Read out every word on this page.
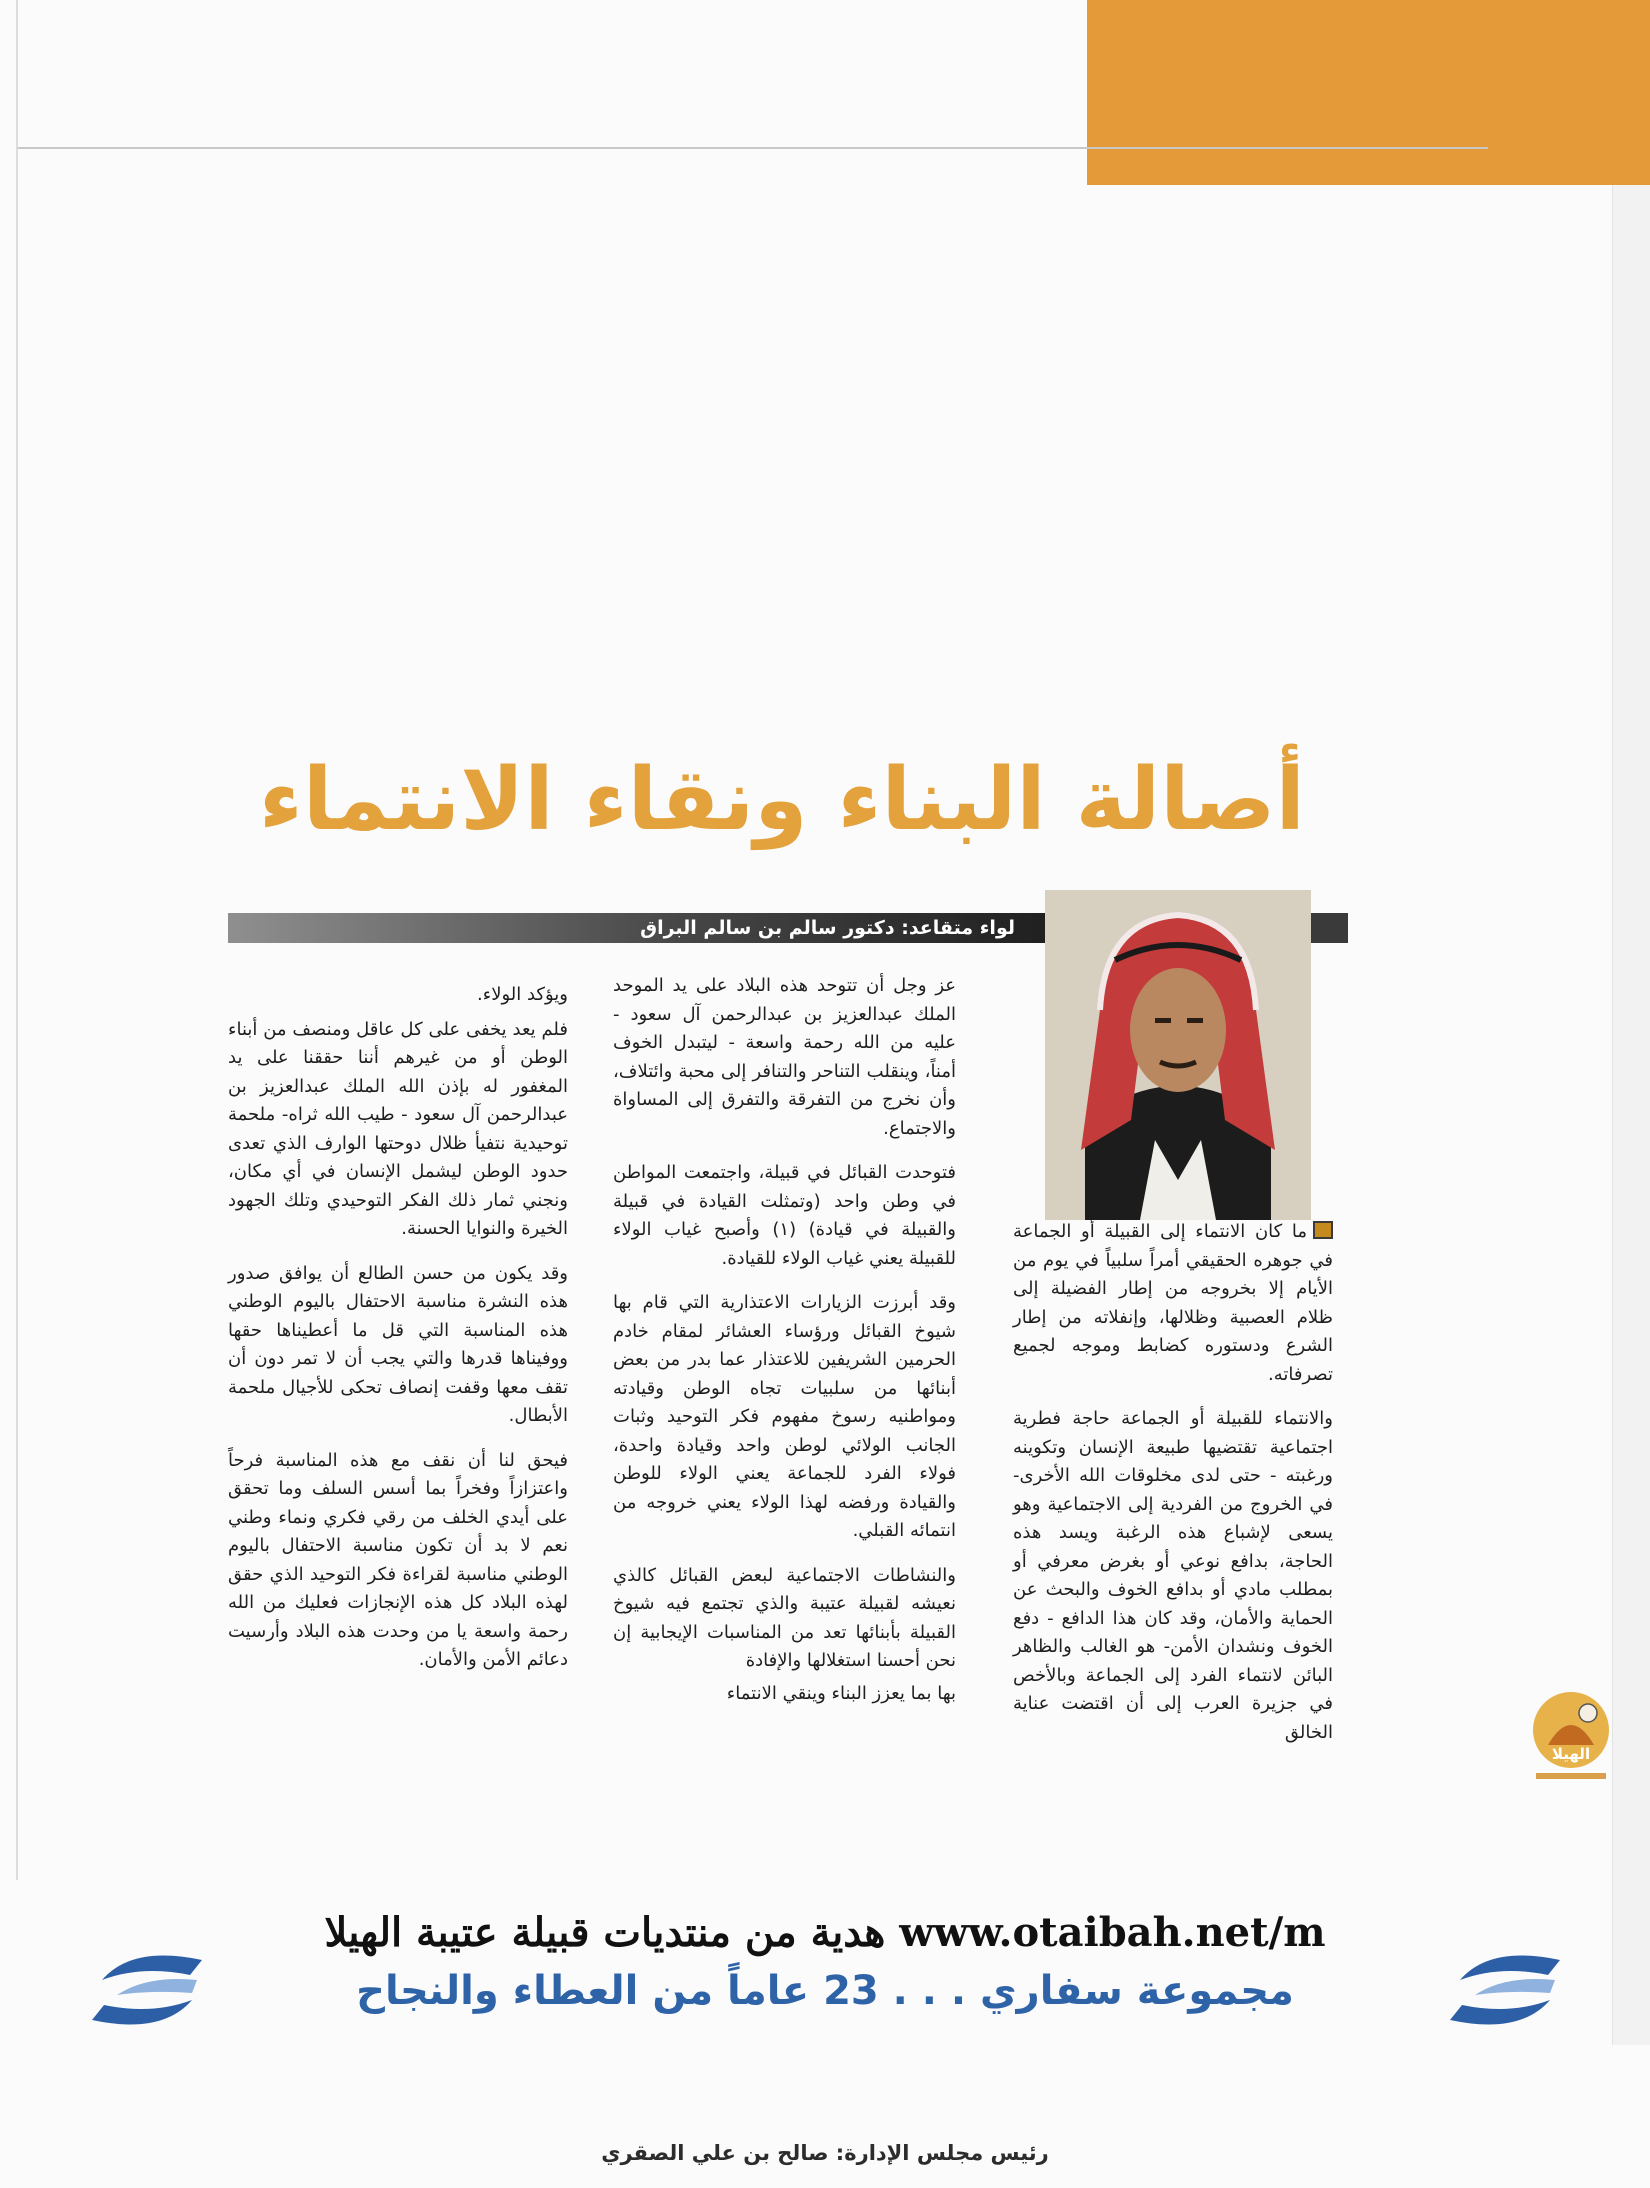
أصالة البناء ونقاء الانتماء
لواء متقاعد: دكتور سالم بن سالم البراق

ما كان الانتماء إلى القبيلة أو الجماعة في جوهره الحقيقي أمراً سلبياً في يوم من الأيام إلا بخروجه من إطار الفضيلة إلى ظلام العصبية وظلالها، وإنفلاته من إطار الشرع ودستوره كضابط وموجه لجميع تصرفاته.

والانتماء للقبيلة أو الجماعة حاجة فطرية اجتماعية تقتضيها طبيعة الإنسان وتكوينه ورغبته - حتى لدى مخلوقات الله الأخرى- في الخروج من الفردية إلى الاجتماعية وهو يسعى لإشباع هذه الرغبة ويسد هذه الحاجة، بدافع نوعي أو بغرض معرفي أو بمطلب مادي أو بدافع الخوف والبحث عن الحماية والأمان، وقد كان هذا الدافع - دفع الخوف ونشدان الأمن- هو الغالب والظاهر البائن لانتماء الفرد إلى الجماعة وبالأخص في جزيرة العرب إلى أن اقتضت عناية الخالق

عز وجل أن تتوحد هذه البلاد على يد الموحد الملك عبدالعزيز بن عبدالرحمن آل سعود - عليه من الله رحمة واسعة - ليتبدل الخوف أمناً، وينقلب التناحر والتنافر إلى محبة وائتلاف، وأن نخرج من التفرقة والتفرق إلى المساواة والاجتماع.

فتوحدت القبائل في قبيلة، واجتمعت المواطن في وطن واحد (وتمثلت القيادة في قبيلة والقبيلة في قيادة) (١) وأصبح غياب الولاء للقبيلة يعني غياب الولاء للقيادة.

وقد أبرزت الزيارات الاعتذارية التي قام بها شيوخ القبائل ورؤساء العشائر لمقام خادم الحرمين الشريفين للاعتذار عما بدر من بعض أبنائها من سلبيات تجاه الوطن وقيادته ومواطنيه رسوخ مفهوم فكر التوحيد وثبات الجانب الولائي لوطن واحد وقيادة واحدة، فولاء الفرد للجماعة يعني الولاء للوطن والقيادة ورفضه لهذا الولاء يعني خروجه من انتمائه القبلي.

والنشاطات الاجتماعية لبعض القبائل كالذي نعيشه لقبيلة عتيبة والذي تجتمع فيه شيوخ القبيلة بأبنائها تعد من المناسبات الإيجابية إن نحن أحسنا استغلالها والإفادة

بها بما يعزز البناء وينقي الانتماء

ويؤكد الولاء.

فلم يعد يخفى على كل عاقل ومنصف من أبناء الوطن أو من غيرهم أننا حققنا على يد المغفور له بإذن الله الملك عبدالعزيز بن عبدالرحمن آل سعود - طيب الله ثراه- ملحمة توحيدية نتفيأ ظلال دوحتها الوارف الذي تعدى حدود الوطن ليشمل الإنسان في أي مكان، ونجني ثمار ذلك الفكر التوحيدي وتلك الجهود الخيرة والنوايا الحسنة.

وقد يكون من حسن الطالع أن يوافق صدور هذه النشرة مناسبة الاحتفال باليوم الوطني هذه المناسبة التي قل ما أعطيناها حقها ووفيناها قدرها والتي يجب أن لا تمر دون أن تقف معها وقفت إنصاف تحكى للأجيال ملحمة الأبطال.

فيحق لنا أن نقف مع هذه المناسبة فرحاً واعتزازاً وفخراً بما أسس السلف وما تحقق على أيدي الخلف من رقي فكري ونماء وطني نعم لا بد أن تكون مناسبة الاحتفال باليوم الوطني مناسبة لقراءة فكر التوحيد الذي حقق لهذه البلاد كل هذه الإنجازات فعليك من الله رحمة واسعة يا من وحدت هذه البلاد وأرسيت دعائم الأمن والأمان.

الهيلا
www.otaibah.net/m هدية من منتديات قبيلة عتيبة الهيلا
مجموعة سفاري . . . 23 عاماً من العطاء والنجاح
رئيس مجلس الإدارة: صالح بن علي الصقري
